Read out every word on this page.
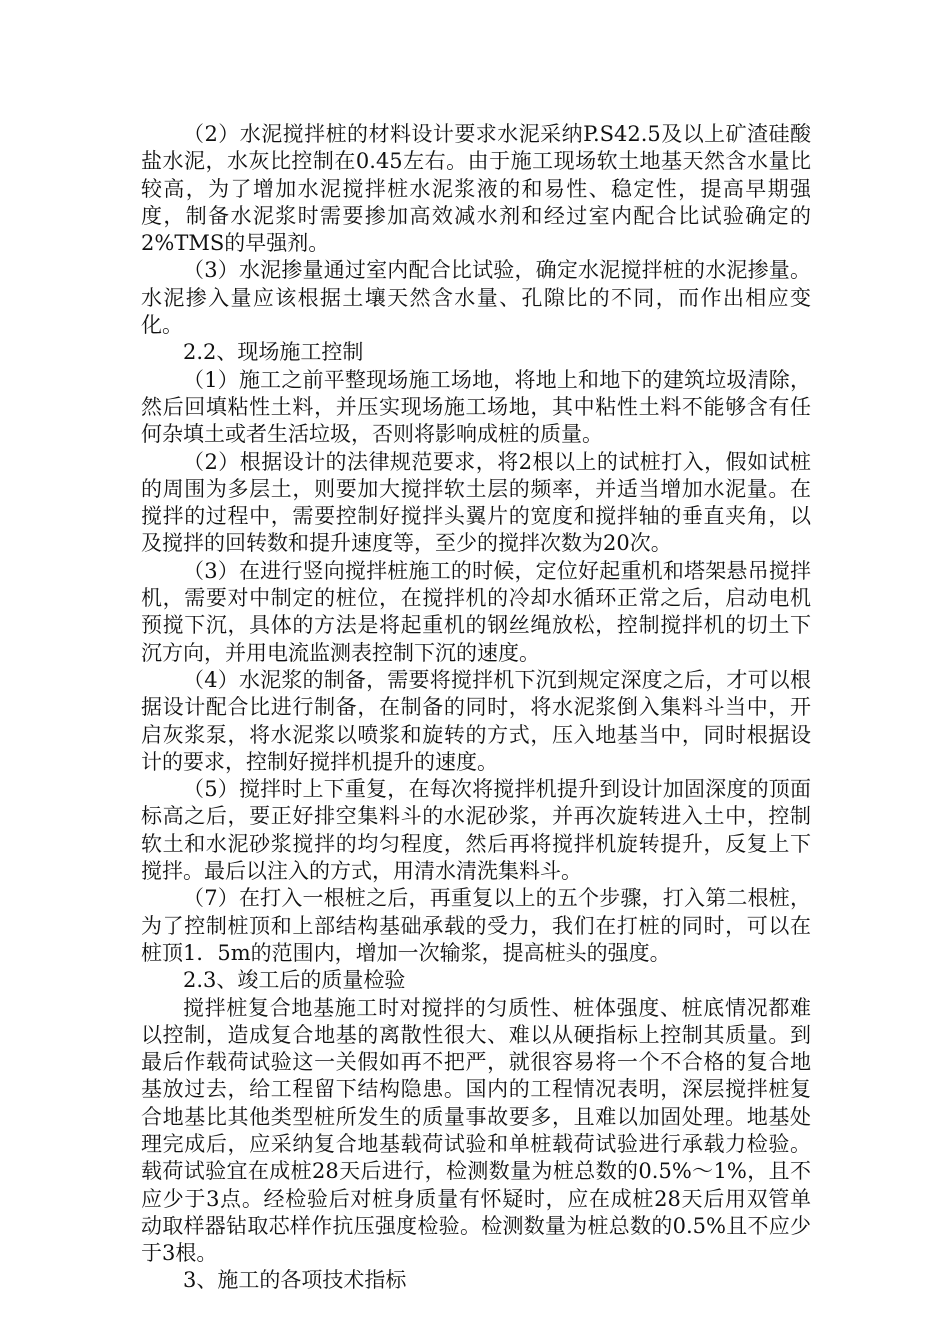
（2）水泥搅拌桩的材料设计要求水泥采纳P.S42.5及以上矿渣硅酸盐水泥，水灰比控制在0.45左右。由于施工现场软土地基天然含水量比较高，为了增加水泥搅拌桩水泥浆液的和易性、稳定性，提高早期强度，制备水泥浆时需要掺加高效减水剂和经过室内配合比试验确定的2%TMS的早强剂。

（3）水泥掺量通过室内配合比试验，确定水泥搅拌桩的水泥掺量。水泥掺入量应该根据土壤天然含水量、孔隙比的不同，而作出相应变化。

2.2、现场施工控制

（1）施工之前平整现场施工场地，将地上和地下的建筑垃圾清除，然后回填粘性土料，并压实现场施工场地，其中粘性土料不能够含有任何杂填土或者生活垃圾，否则将影响成桩的质量。

（2）根据设计的法律规范要求，将2根以上的试桩打入，假如试桩的周围为多层土，则要加大搅拌软土层的频率，并适当增加水泥量。在搅拌的过程中，需要控制好搅拌头翼片的宽度和搅拌轴的垂直夹角，以及搅拌的回转数和提升速度等，至少的搅拌次数为20次。

（3）在进行竖向搅拌桩施工的时候，定位好起重机和塔架悬吊搅拌机，需要对中制定的桩位，在搅拌机的冷却水循环正常之后，启动电机预搅下沉，具体的方法是将起重机的钢丝绳放松，控制搅拌机的切土下沉方向，并用电流监测表控制下沉的速度。

（4）水泥浆的制备，需要将搅拌机下沉到规定深度之后，才可以根据设计配合比进行制备，在制备的同时，将水泥浆倒入集料斗当中，开启灰浆泵，将水泥浆以喷浆和旋转的方式，压入地基当中，同时根据设计的要求，控制好搅拌机提升的速度。

（5）搅拌时上下重复，在每次将搅拌机提升到设计加固深度的顶面标高之后，要正好排空集料斗的水泥砂浆，并再次旋转进入土中，控制软土和水泥砂浆搅拌的均匀程度，然后再将搅拌机旋转提升，反复上下搅拌。最后以注入的方式，用清水清洗集料斗。

（7）在打入一根桩之后，再重复以上的五个步骤，打入第二根桩，为了控制桩顶和上部结构基础承载的受力，我们在打桩的同时，可以在桩顶1．5m的范围内，增加一次输浆，提高桩头的强度。

2.3、竣工后的质量检验

搅拌桩复合地基施工时对搅拌的匀质性、桩体强度、桩底情况都难以控制，造成复合地基的离散性很大、难以从硬指标上控制其质量。到最后作载荷试验这一关假如再不把严，就很容易将一个不合格的复合地基放过去，给工程留下结构隐患。国内的工程情况表明，深层搅拌桩复合地基比其他类型桩所发生的质量事故要多，且难以加固处理。地基处理完成后，应采纳复合地基载荷试验和单桩载荷试验进行承载力检验。载荷试验宜在成桩28天后进行，检测数量为桩总数的0.5%～1%，且不应少于3点。经检验后对桩身质量有怀疑时，应在成桩28天后用双管单动取样器钻取芯样作抗压强度检验。检测数量为桩总数的0.5%且不应少于3根。

3、施工的各项技术指标
